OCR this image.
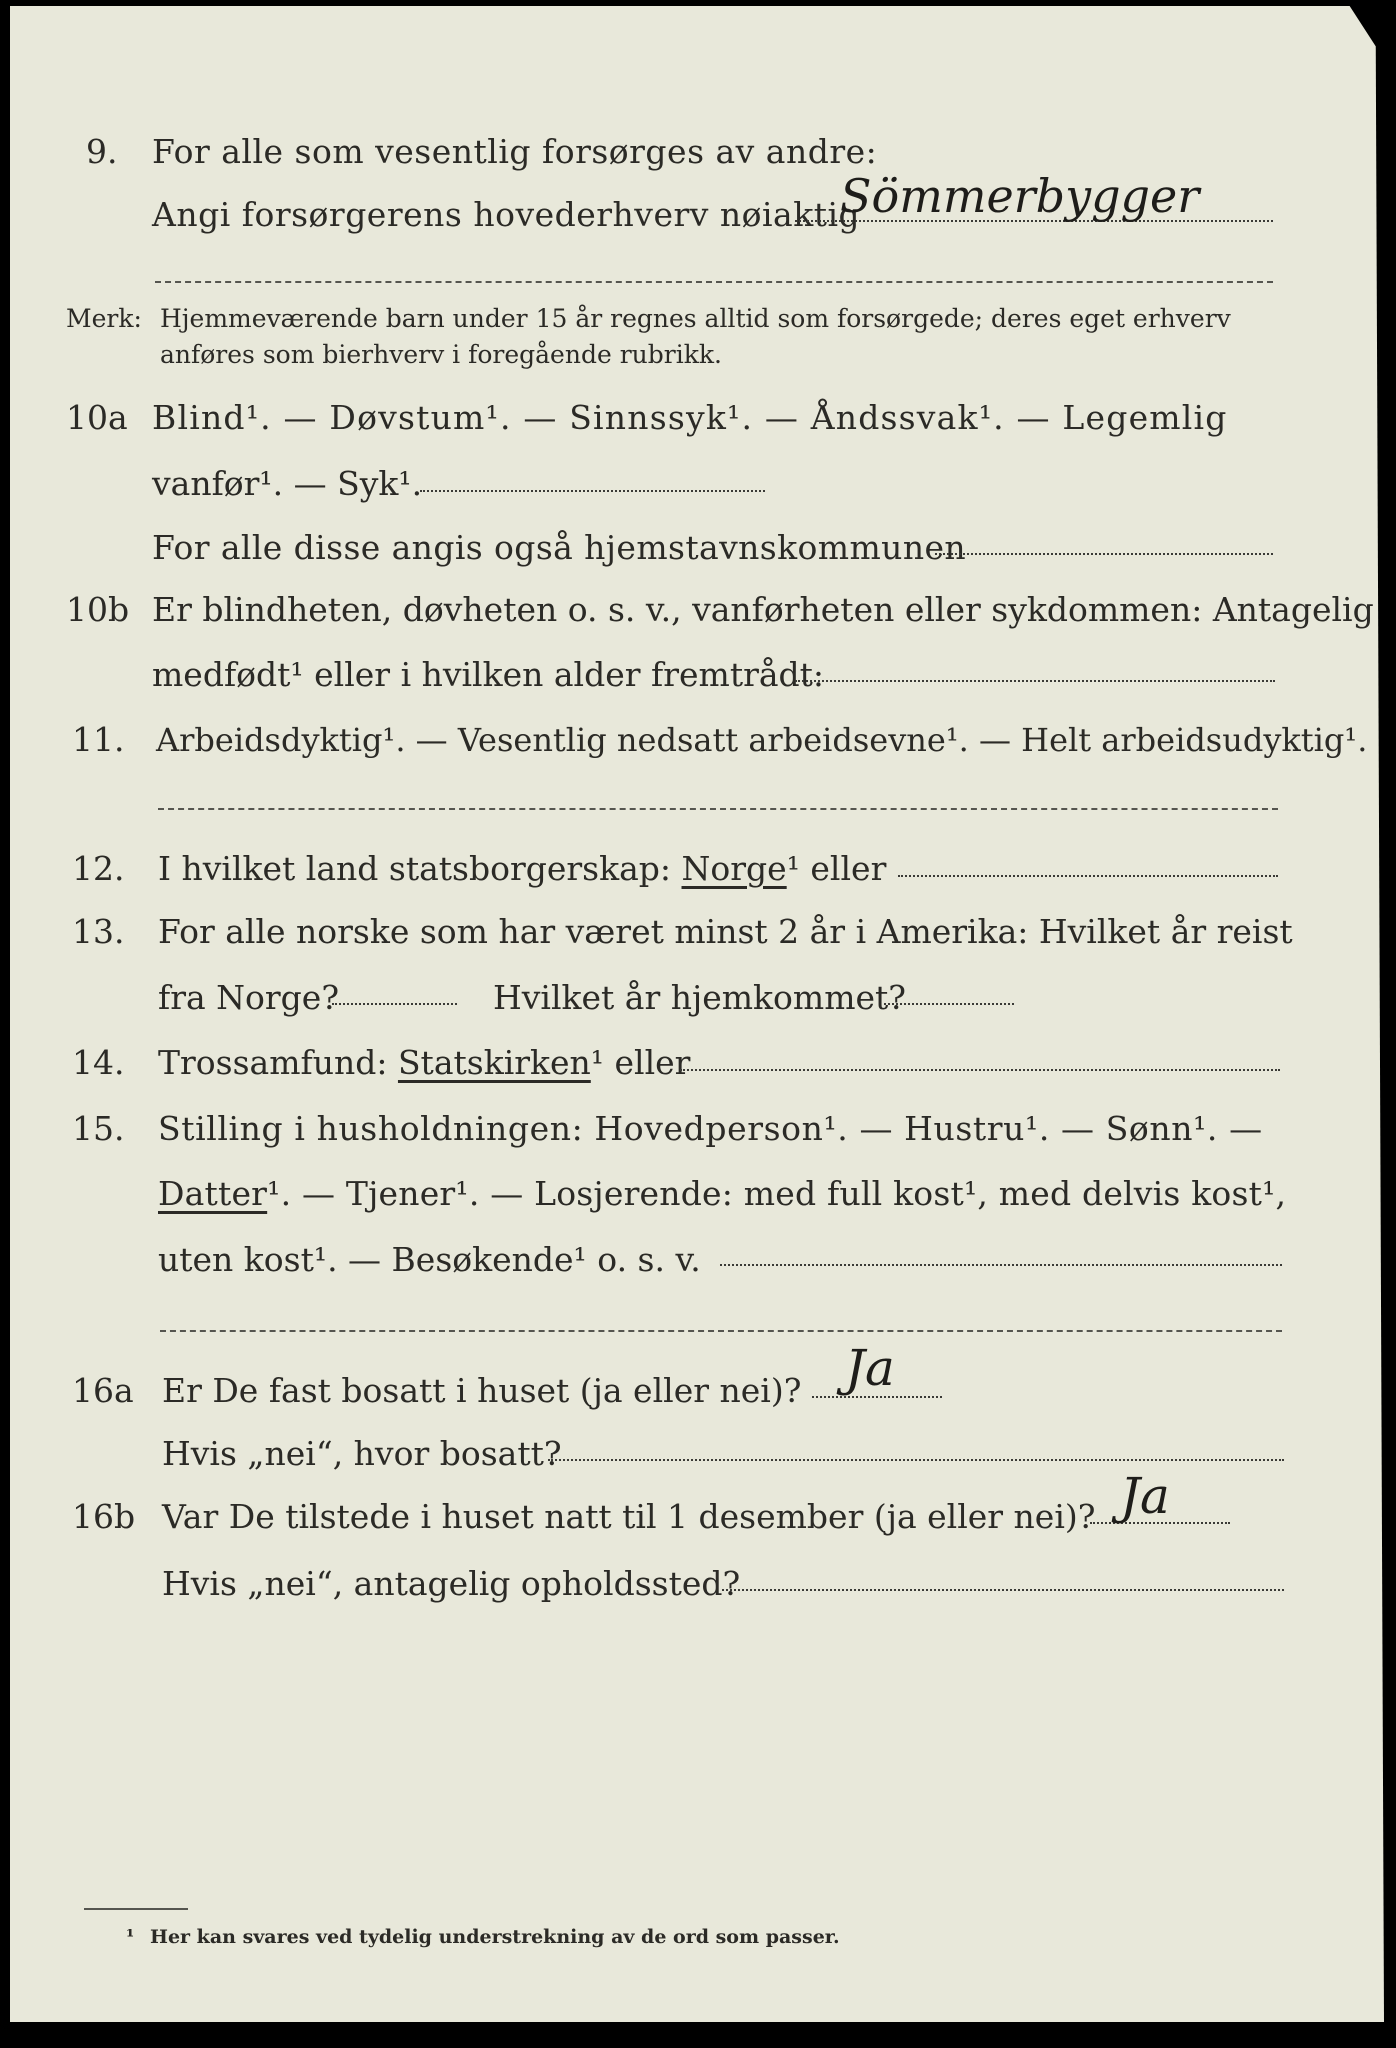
9. For alle som vesentlig forsørges av andre:
Angi forsørgerens hovederhverv nøiaktig
Sömmerbygger
Merk: Hjemmeværende barn under 15 år regnes alltid som forsørgede; deres eget erhverv
anføres som bierhverv i foregående rubrikk.
10a Blind¹. — Døvstum¹. — Sinnssyk¹. — Åndssvak¹. — Legemlig
vanfør¹. — Syk¹.
For alle disse angis også hjemstavnskommunen
10b Er blindheten, døvheten o. s. v., vanførheten eller sykdommen: Antagelig
medfødt¹ eller i hvilken alder fremtrådt:
11. Arbeidsdyktig¹. — Vesentlig nedsatt arbeidsevne¹. — Helt arbeidsudyktig¹.
12. I hvilket land statsborgerskap: Norge¹ eller
13. For alle norske som har været minst 2 år i Amerika: Hvilket år reist
fra Norge?	Hvilket år hjemkommet?
14. Trossamfund: Statskirken¹ eller
15. Stilling i husholdningen: Hovedperson¹. — Hustru¹. — Sønn¹. —
Datter¹. — Tjener¹. — Losjerende: med full kost¹, med delvis kost¹,
uten kost¹. — Besøkende¹ o. s. v.
16a Er De fast bosatt i huset (ja eller nei)? Ja
Hvis „nei“, hvor bosatt?
16b Var De tilstede i huset natt til 1 desember (ja eller nei)? Ja
Hvis „nei“, antagelig opholdssted?
¹ Her kan svares ved tydelig understrekning av de ord som passer.
